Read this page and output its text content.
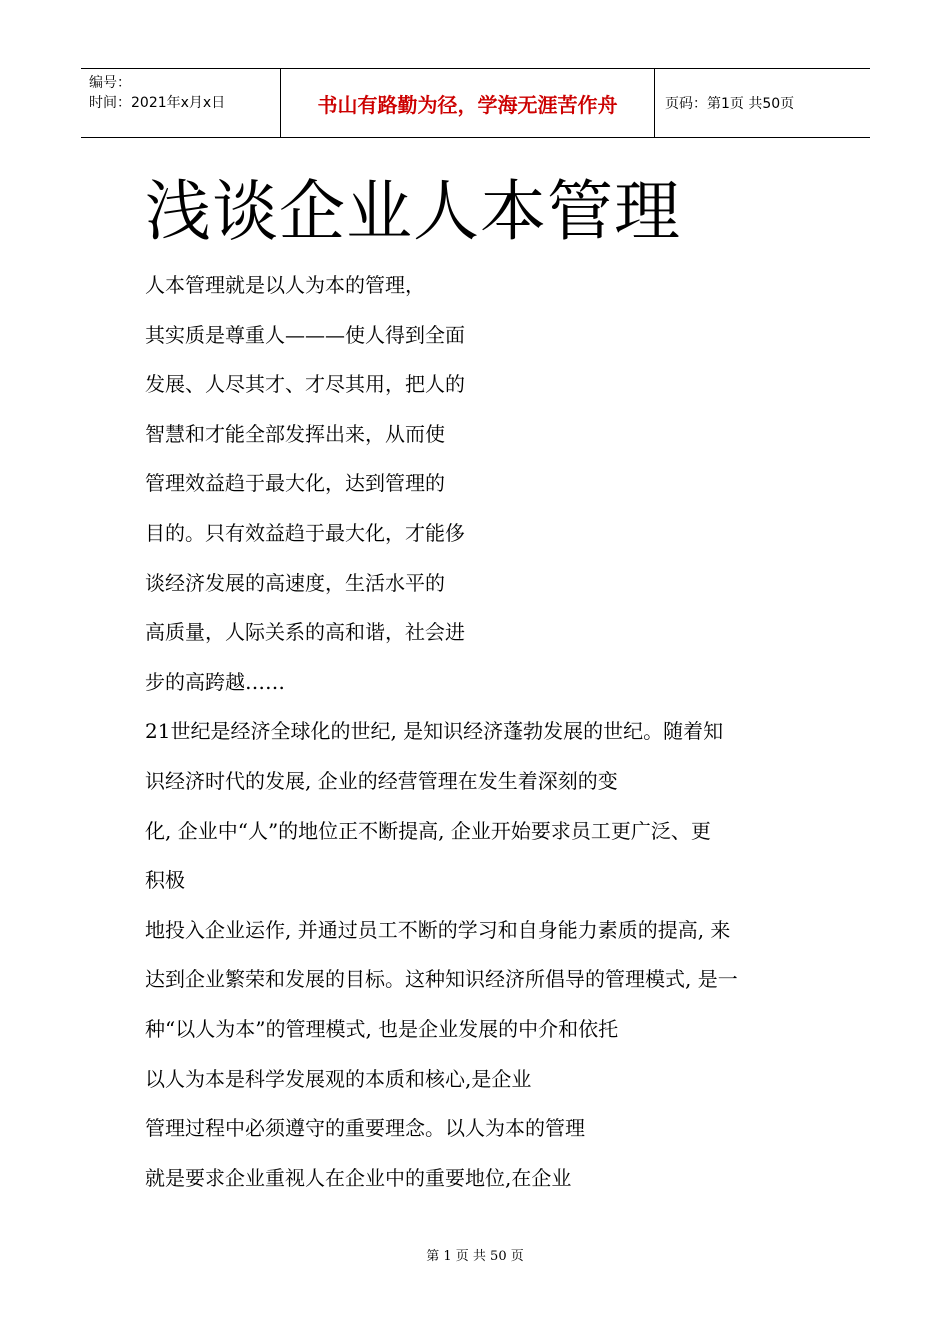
编号：
时间：2021年x月x日	书山有路勤为径，学海无涯苦作舟	页码：第1页 共50页
浅谈企业人本管理
人本管理就是以人为本的管理，
其实质是尊重人———使人得到全面
发展、人尽其才、才尽其用，把人的
智慧和才能全部发挥出来，从而使
管理效益趋于最大化，达到管理的
目的。只有效益趋于最大化，才能侈
谈经济发展的高速度，生活水平的
高质量，人际关系的高和谐，社会进
步的高跨越……
21世纪是经济全球化的世纪, 是知识经济蓬勃发展的世纪。随着知
识经济时代的发展, 企业的经营管理在发生着深刻的变
化, 企业中“人”的地位正不断提高, 企业开始要求员工更广泛、更
积极
地投入企业运作, 并通过员工不断的学习和自身能力素质的提高, 来
达到企业繁荣和发展的目标。这种知识经济所倡导的管理模式, 是一
种“以人为本”的管理模式, 也是企业发展的中介和依托
以人为本是科学发展观的本质和核心,是企业
管理过程中必须遵守的重要理念。以人为本的管理
就是要求企业重视人在企业中的重要地位,在企业
第 1 页 共 50 页
